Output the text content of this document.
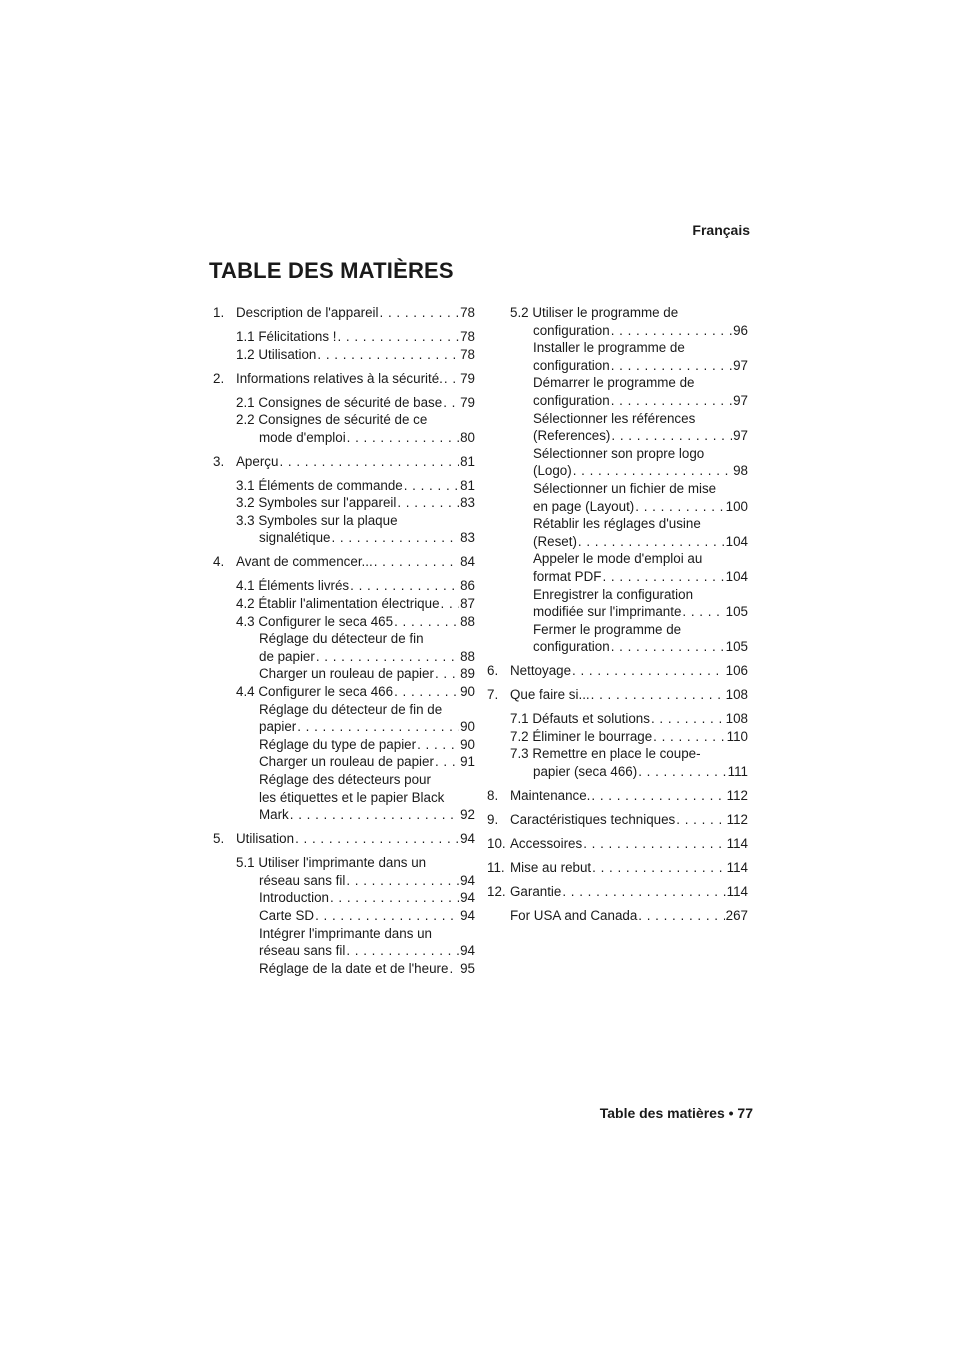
Français
TABLE DES MATIÈRES
1. Description de l'appareil . . .	78
1.1 Félicitations ! . . .	78
1.2 Utilisation . . .	78
2. Informations relatives à la sécurité. . . . 79
2.1 Consignes de sécurité de base . . . 79
2.2 Consignes de sécurité de ce
mode d'emploi . . .	80
3. Aperçu . . .	81
3.1 Éléments de commande . . .	81
3.2 Symboles sur l'appareil . . .	83
3.3 Symboles sur la plaque
signalétique . . .	83
4. Avant de commencer... . . .	84
4.1 Éléments livrés . . .	86
4.2 Établir l'alimentation électrique . . . 87
4.3 Configurer le seca 465 . . .	88
Réglage du détecteur de fin
de papier . . .	88
Charger un rouleau de papier . . . 89
4.4 Configurer le seca 466 . . .	90
Réglage du détecteur de fin de
papier . . .	90
Réglage du type de papier . . .	90
Charger un rouleau de papier . . . 91
Réglage des détecteurs pour
les étiquettes et le papier Black
Mark . . .	92
5. Utilisation . . .	94
5.1 Utiliser l'imprimante dans un
réseau sans fil . . .	94
Introduction . . .	94
Carte SD . . .	94
Intégrer l'imprimante dans un
réseau sans fil . . .	94
Réglage de la date et de l'heure . . . 95
5.2 Utiliser le programme de
configuration . . .	96
Installer le programme de
configuration . . .	97
Démarrer le programme de
configuration . . .	97
Sélectionner les références
(References) . . .	97
Sélectionner son propre logo
(Logo) . . .	98
Sélectionner un fichier de mise
en page (Layout) . . .	100
Rétablir les réglages d'usine
(Reset) . . .	104
Appeler le mode d'emploi au
format PDF . . .	104
Enregistrer la configuration
modifiée sur l'imprimante . . .	105
Fermer le programme de
configuration . . .	105
6. Nettoyage . . .	106
7. Que faire si... . . .	108
7.1 Défauts et solutions . . .	108
7.2 Éliminer le bourrage . . .	110
7.3 Remettre en place le coupe-
papier (seca 466) . . .	111
8. Maintenance. . . .	112
9. Caractéristiques techniques . . .	112
10. Accessoires . . .	114
11. Mise au rebut . . .	114
12. Garantie . . .	114
For USA and Canada . . .	267
Table des matières • 77
